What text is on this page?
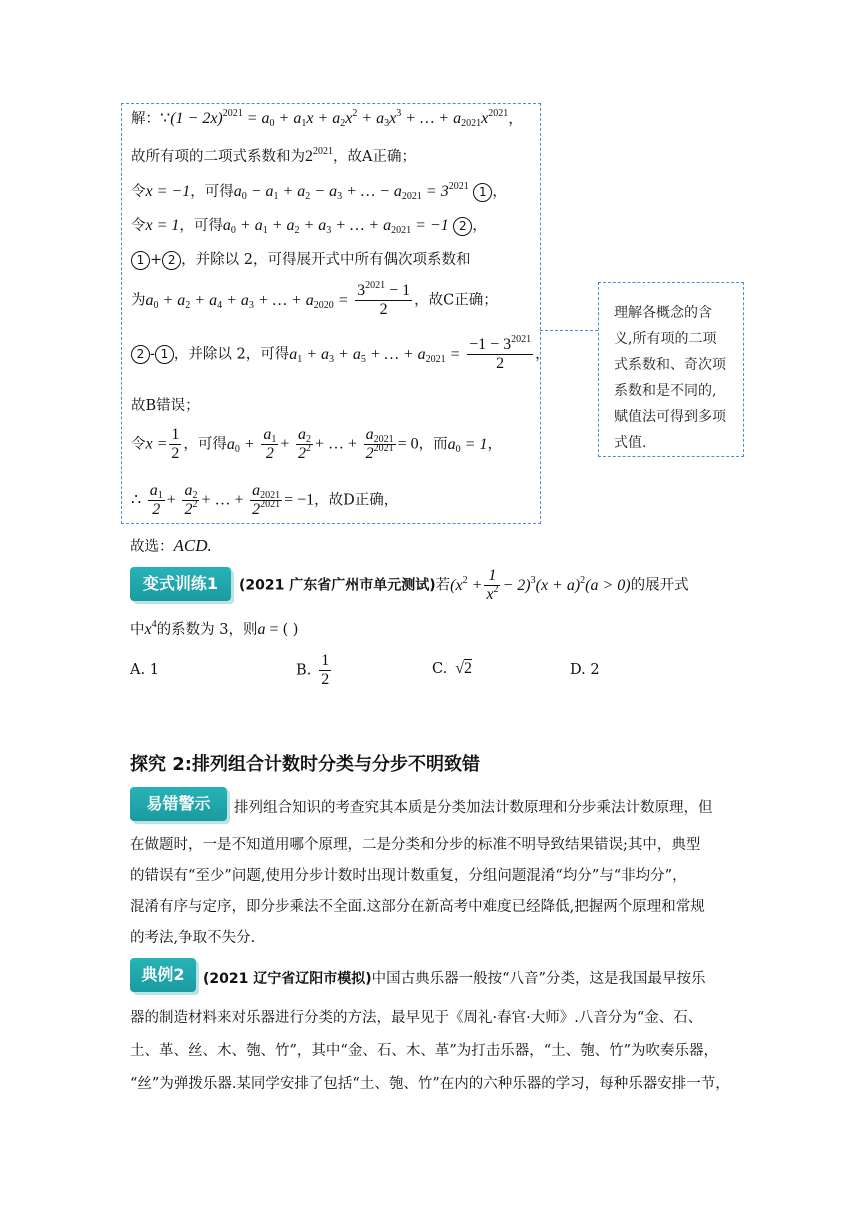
理解各概念的含义,所有项的二项式系数和、奇次项系数和是不同的,赋值法可得到多项式值.
解：∵(1 − $2x)^{2021} = a_0 + a_1x + a_2x^2 + a_3x^3$ + … + $a_{2021}x^{2021}$，
故所有项的二项式系数和为$2^{2021}$，故A正确；
令x = −1，可得$a_0 - a_1 + a_2 - a_3$ + … − $a_{2021} = 3^{2021}$ 1 ，
令x = 1，可得$a_0 + a_1 + a_2 + a_3$ + … + $a_{2021} = -1$ 2 ，
1 + 2 ，并除以 2，可得展开式中所有偶次项系数和
为$a_0 + a_2 + a_4 + a_3$ + … + $a_{2020} = \frac{3^{2021} - 1}{2}$ ，故C正确；
2 - 1 ，并除以 2，可得$a_1 + a_3 + a_5$ + … + $a_{2021} = \frac{-1 - 3^{2021}}{2}$ ，
故B错误；
令$x = \frac{1}{2}$ ，可得$a_0 + \frac{a_1}{2} + \frac{a_2}{2^2}$ + … + $\frac{a_{2021}}{2^{2021}} = 0$，而$a_0 = 1$，
∴ $\frac{a_1}{2} + \frac{a_2}{2^2}$ + … + $\frac{a_{2021}}{2^{2021}} = -1$，故D正确，
故选：ACD.
变式训练1	(2021 广东省广州市单元测试)若$(x^2 + \frac{1}{x^2} - 2)^3(x + a)^2(a > 0)$的展开式
中$x^4$的系数为 3，则a = ( )
A. 1	B. $\frac{1}{2}$	C. √2	D. 2
探究 2:排列组合计数时分类与分步不明致错
易错警示	排列组合知识的考查究其本质是分类加法计数原理和分步乘法计数原理，但
在做题时，一是不知道用哪个原理，二是分类和分步的标准不明导致结果错误;其中，典型
的错误有“至少”问题,使用分步计数时出现计数重复，分组问题混淆“均分”与“非均分”，
混淆有序与定序，即分步乘法不全面.这部分在新高考中难度已经降低,把握两个原理和常规
的考法,争取不失分.
典例2	(2021 辽宁省辽阳市模拟)中国古典乐器一般按“八音”分类，这是我国最早按乐
器的制造材料来对乐器进行分类的方法，最早见于《周礼·春官·大师》.八音分为“金、石、
土、革、丝、木、匏、竹”，其中“金、石、木、革”为打击乐器，“土、匏、竹”为吹奏乐器，
“丝”为弹拨乐器.某同学安排了包括“土、匏、竹”在内的六种乐器的学习，每种乐器安排一节，
